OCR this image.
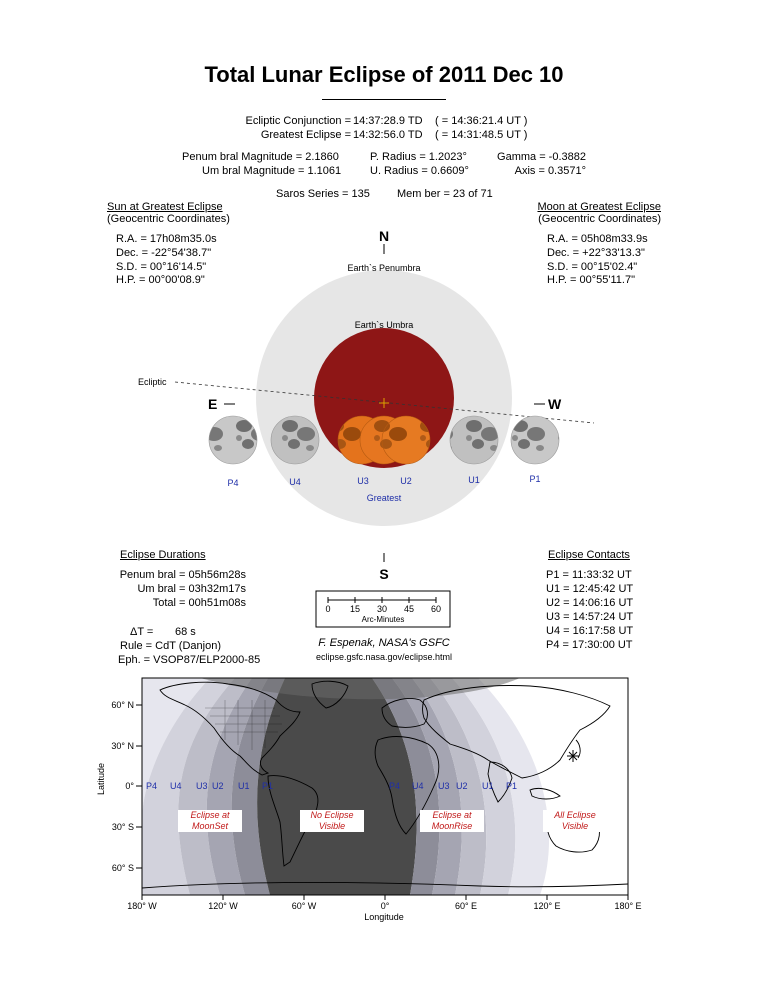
Total Lunar Eclipse of 2011 Dec 10
Ecliptic Conjunction = 14:37:28.9 TD ( = 14:36:21.4 UT )
Greatest Eclipse = 14:32:56.0 TD ( = 14:31:48.5 UT )
Penum bral Magnitude = 2.1860
Um bral Magnitude = 1.1061
P. Radius = 1.2023°
U. Radius = 0.6609°
Gamma = -0.3882
Axis = 0.3571°
Saros Series = 135 Mem ber = 23 of 71
Sun at Greatest Eclipse
(Geocentric Coordinates)
R.A. = 17h08m35.0s
Dec. = -22°54'38.7"
S.D. = 00°16'14.5"
H.P. = 00°00'08.9"
Moon at Greatest Eclipse
(Geocentric Coordinates)
R.A. = 05h08m33.9s
Dec. = +22°33'13.3"
S.D. = 00°15'02.4"
H.P. = 00°55'11.7"
N
S
E	W
Earth`s Penumbra
Earth`s Umbra
Ecliptic
P4	U4	U3	U2	U1	P1
Greatest
Eclipse Durations
Penum bral = 05h56m28s
Um bral = 03h32m17s
Total = 00h51m08s
ΔT = 68 s
Rule = CdT (Danjon)
Eph. = VSOP87/ELP2000-85
0	15	30	45	60
Arc-Minutes
F. Espenak, NASA's GSFC
eclipse.gsfc.nasa.gov/eclipse.html
Eclipse Contacts
P1 = 11:33:32 UT
U1 = 12:45:42 UT
U2 = 14:06:16 UT
U3 = 14:57:24 UT
U4 = 16:17:58 UT
P4 = 17:30:00 UT
60° N
30° N
0°
30° S
60° S
Latitude
180° W	120° W	60° W	0°	60° E	120° E	180° E
Longitude
P4 U4 U3 U2 U1 P1	P4 U4 U3 U2 U1 P1
Eclipse at
MoonSet
No Eclipse
Visible
Eclipse at
MoonRise
All Eclipse
Visible
